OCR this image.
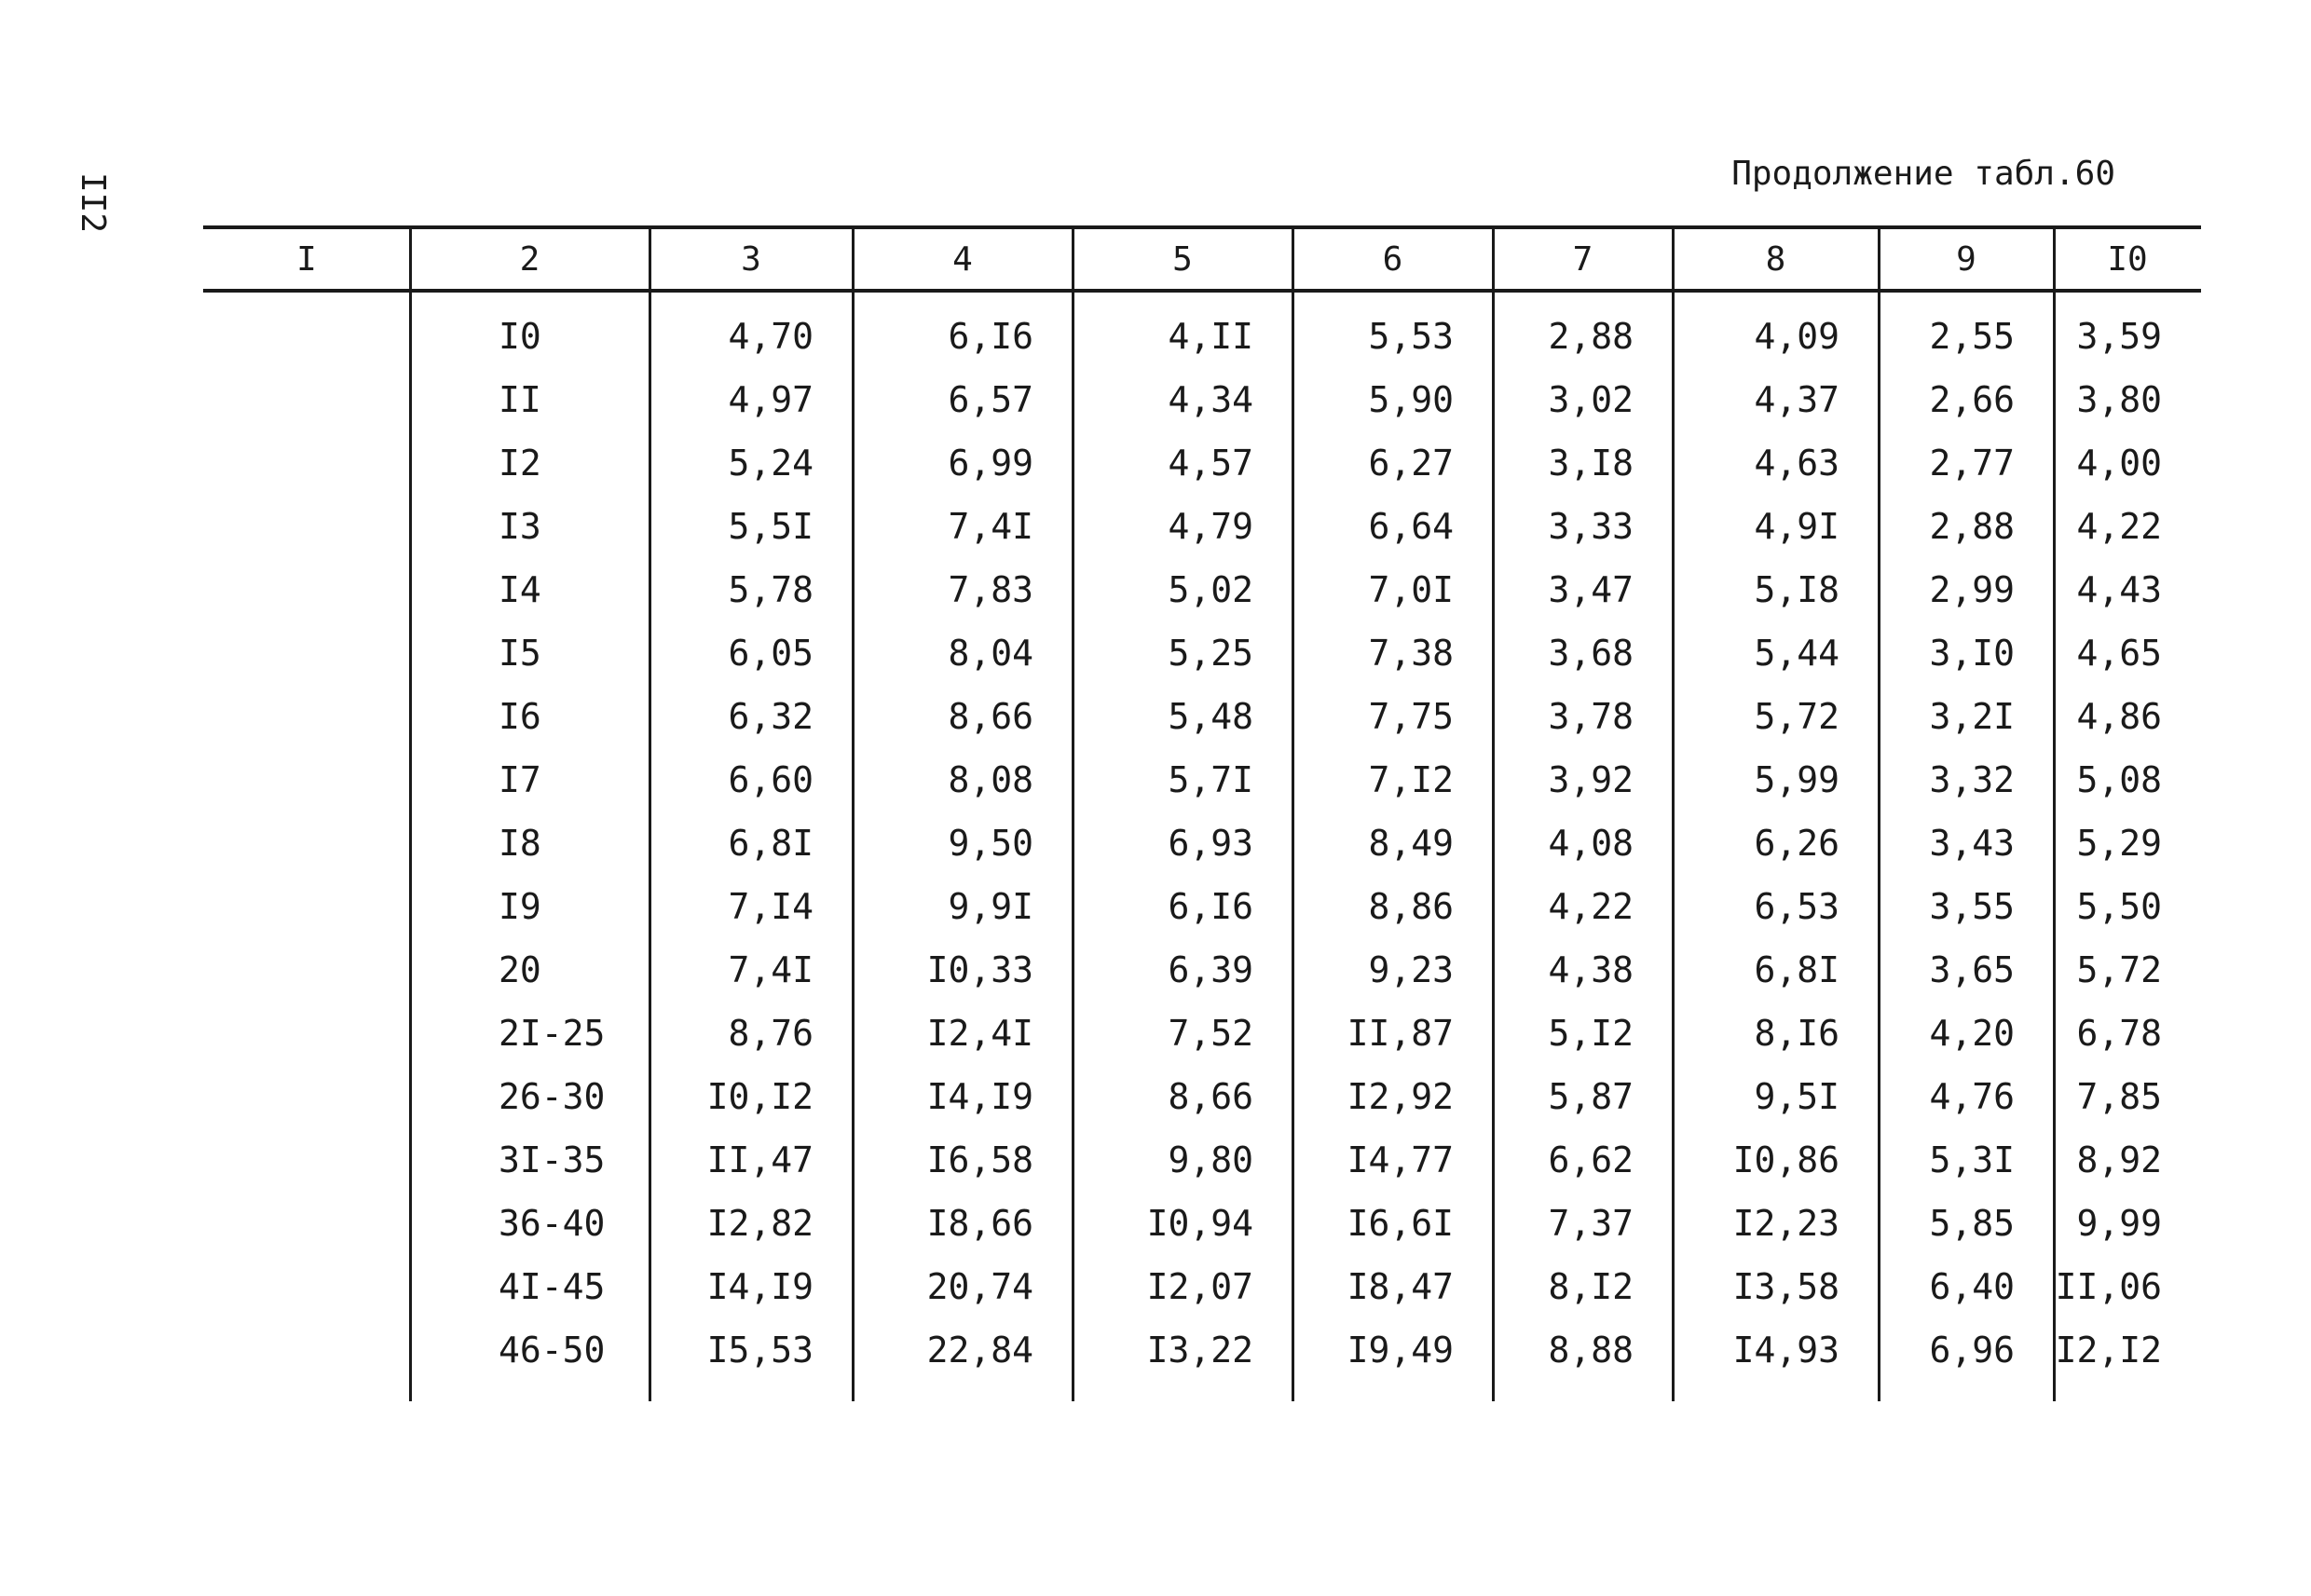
II2	Продолжение табл.60
I	2	3	4	5	6	7	8	9	I0
I0	4,70	6,I6	4,II	5,53	2,88	4,09	2,55	3,59
II	4,97	6,57	4,34	5,90	3,02	4,37	2,66	3,80
I2	5,24	6,99	4,57	6,27	3,I8	4,63	2,77	4,00
I3	5,5I	7,4I	4,79	6,64	3,33	4,9I	2,88	4,22
I4	5,78	7,83	5,02	7,0I	3,47	5,I8	2,99	4,43
I5	6,05	8,04	5,25	7,38	3,68	5,44	3,I0	4,65
I6	6,32	8,66	5,48	7,75	3,78	5,72	3,2I	4,86
I7	6,60	8,08	5,7I	7,I2	3,92	5,99	3,32	5,08
I8	6,8I	9,50	6,93	8,49	4,08	6,26	3,43	5,29
I9	7,I4	9,9I	6,I6	8,86	4,22	6,53	3,55	5,50
20	7,4I	I0,33	6,39	9,23	4,38	6,8I	3,65	5,72
2I-25	8,76	I2,4I	7,52	II,87	5,I2	8,I6	4,20	6,78
26-30	I0,I2	I4,I9	8,66	I2,92	5,87	9,5I	4,76	7,85
3I-35	II,47	I6,58	9,80	I4,77	6,62	I0,86	5,3I	8,92
36-40	I2,82	I8,66	I0,94	I6,6I	7,37	I2,23	5,85	9,99
4I-45	I4,I9	20,74	I2,07	I8,47	8,I2	I3,58	6,40 II,06
46-50	I5,53	22,84	I3,22	I9,49	8,88	I4,93	6,96 I2,I2
